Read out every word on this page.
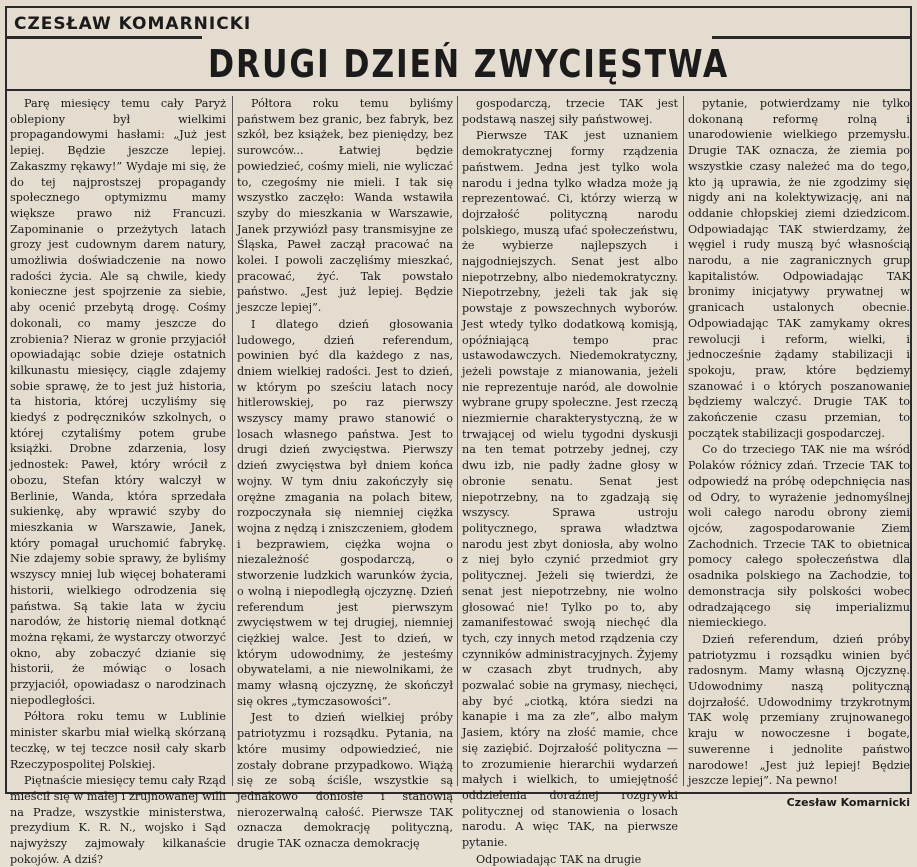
CZESŁAW KOMARNICKI
DRUGI DZIEŃ ZWYCIĘSTWA

Parę miesięcy temu cały Paryż oblepiony był wielkimi propagandowymi hasłami: „Już jest lepiej. Będzie jeszcze lepiej. Zakaszmy rękawy!” Wydaje mi się, że do tej najprostszej propagandy społecznego optymizmu mamy większe prawo niż Francuzi. Zapominanie o przeżytych latach grozy jest cudownym darem natury, umożliwia doświadczenie na nowo radości życia. Ale są chwile, kiedy konieczne jest spojrzenie za siebie, aby ocenić przebytą drogę. Cośmy dokonali, co mamy jeszcze do zrobienia? Nieraz w gronie przyjaciół opowiadając sobie dzieje ostatnich kilkunastu miesięcy, ciągle zdajemy sobie sprawę, że to jest już historia, ta historia, której uczyliśmy się kiedyś z podręczników szkolnych, o której czytaliśmy potem grube książki. Drobne zdarzenia, losy jednostek: Paweł, który wrócił z obozu, Stefan który walczył w Berlinie, Wanda, która sprzedała sukienkę, aby wprawić szyby do mieszkania w Warszawie, Janek, który pomagał uruchomić fabrykę. Nie zdajemy sobie sprawy, że byliśmy wszyscy mniej lub więcej bohaterami historii, wielkiego odrodzenia się państwa. Są takie lata w życiu narodów, że historię niemal dotknąć można rękami, że wystarczy otworzyć okno, aby zobaczyć dzianie się historii, że mówiąc o losach przyjaciół, opowiadasz o narodzinach niepodległości.

Półtora roku temu w Lublinie minister skarbu miał wielką skórzaną teczkę, w tej teczce nosił cały skarb Rzeczypospolitej Polskiej.

Piętnaście miesięcy temu cały Rząd mieścił się w małej i zrujnowanej willi na Pradze, wszystkie ministerstwa, prezydium K. R. N., wojsko i Sąd najwyższy zajmowały kilkanaście pokojów. A dziś?

Półtora roku temu byliśmy państwem bez granic, bez fabryk, bez szkół, bez książek, bez pieniędzy, bez surowców... Łatwiej będzie powiedzieć, cośmy mieli, nie wyliczać to, czegośmy nie mieli. I tak się wszystko zaczęło: Wanda wstawiła szyby do mieszkania w Warszawie, Janek przywiózł pasy transmisyjne ze Śląska, Paweł zaczął pracować na kolei. I powoli zaczęliśmy mieszkać, pracować, żyć. Tak powstało państwo. „Jest już lepiej. Będzie jeszcze lepiej”.

I dlatego dzień głosowania ludowego, dzień referendum, powinien być dla każdego z nas, dniem wielkiej radości. Jest to dzień, w którym po sześciu latach nocy hitlerowskiej, po raz pierwszy wszyscy mamy prawo stanowić o losach własnego państwa. Jest to drugi dzień zwycięstwa. Pierwszy dzień zwycięstwa był dniem końca wojny. W tym dniu zakończyły się orężne zmagania na polach bitew, rozpoczynała się niemniej ciężka wojna z nędzą i zniszczeniem, głodem i bezprawiem, ciężka wojna o niezależność gospodarczą, o stworzenie ludzkich warunków życia, o wolną i niepodległą ojczyznę. Dzień referendum jest pierwszym zwycięstwem w tej drugiej, niemniej ciężkiej walce. Jest to dzień, w którym udowodnimy, że jesteśmy obywatelami, a nie niewolnikami, że mamy własną ojczyznę, że skończył się okres „tymczasowości”.

Jest to dzień wielkiej próby patriotyzmu i rozsądku. Pytania, na które musimy odpowiedzieć, nie zostały dobrane przypadkowo. Wiążą się ze sobą ściśle, wszystkie są jednakowo doniosłe i stanowią nierozerwalną całość. Pierwsze TAK oznacza demokrację polityczną, drugie TAK oznacza demokrację

gospodarczą, trzecie TAK jest podstawą naszej siły państwowej.

Pierwsze TAK jest uznaniem demokratycznej formy rządzenia państwem. Jedna jest tylko wola narodu i jedna tylko władza może ją reprezentować. Ci, którzy wierzą w dojrzałość polityczną narodu polskiego, muszą ufać społeczeństwu, że wybierze najlepszych i najgodniejszych. Senat jest albo niepotrzebny, albo niedemokratyczny. Niepotrzebny, jeżeli tak jak się powstaje z powszechnych wyborów. Jest wtedy tylko dodatkową komisją, opóźniającą tempo prac ustawodawczych. Niedemokratyczny, jeżeli powstaje z mianowania, jeżeli nie reprezentuje naród, ale dowolnie wybrane grupy społeczne. Jest rzeczą niezmiernie charakterystyczną, że w trwającej od wielu tygodni dyskusji na ten temat potrzeby jednej, czy dwu izb, nie padły żadne głosy w obronie senatu. Senat jest niepotrzebny, na to zgadzają się wszyscy. Sprawa ustroju politycznego, sprawa władztwa narodu jest zbyt doniosła, aby wolno z niej było czynić przedmiot gry politycznej. Jeżeli się twierdzi, że senat jest niepotrzebny, nie wolno głosować nie! Tylko po to, aby zamanifestować swoją niechęć dla tych, czy innych metod rządzenia czy czynników administracyjnych. Żyjemy w czasach zbyt trudnych, aby pozwalać sobie na grymasy, niechęci, aby być „ciotką, która siedzi na kanapie i ma za złe”, albo małym Jasiem, który na złość mamie, chce się zaziębić. Dojrzałość polityczna — to zrozumienie hierarchii wydarzeń małych i wielkich, to umiejętność oddzielenia doraźnej rozgrywki politycznej od stanowienia o losach narodu. A więc TAK, na pierwsze pytanie.

Odpowiadając TAK na drugie

pytanie, potwierdzamy nie tylko dokonaną reformę rolną i unarodowienie wielkiego przemysłu. Drugie TAK oznacza, że ziemia po wszystkie czasy należeć ma do tego, kto ją uprawia, że nie zgodzimy się nigdy ani na kolektywizację, ani na oddanie chłopskiej ziemi dziedzicom. Odpowiadając TAK stwierdzamy, że węgiel i rudy muszą być własnością narodu, a nie zagranicznych grup kapitalistów. Odpowiadając TAK bronimy inicjatywy prywatnej w granicach ustalonych obecnie. Odpowiadając TAK zamykamy okres rewolucji i reform, wielki, i jednocześnie żądamy stabilizacji i spokoju, praw, które będziemy szanować i o których poszanowanie będziemy walczyć. Drugie TAK to zakończenie czasu przemian, to początek stabilizacji gospodarczej.

Co do trzeciego TAK nie ma wśród Polaków różnicy zdań. Trzecie TAK to odpowiedź na próbę odepchnięcia nas od Odry, to wyrażenie jednomyślnej woli całego narodu obrony ziemi ojców, zagospodarowanie Ziem Zachodnich. Trzecie TAK to obietnica pomocy całego społeczeństwa dla osadnika polskiego na Zachodzie, to demonstracja siły polskości wobec odradzającego się imperializmu niemieckiego.

Dzień referendum, dzień próby patriotyzmu i rozsądku winien być radosnym. Mamy własną Ojczyznę. Udowodnimy naszą polityczną dojrzałość. Udowodnimy trzykrotnym TAK wolę przemiany zrujnowanego kraju w nowoczesne i bogate, suwerenne i jednolite państwo narodowe! „Jest już lepiej! Będzie jeszcze lepiej”. Na pewno!

Czesław Komarnicki
